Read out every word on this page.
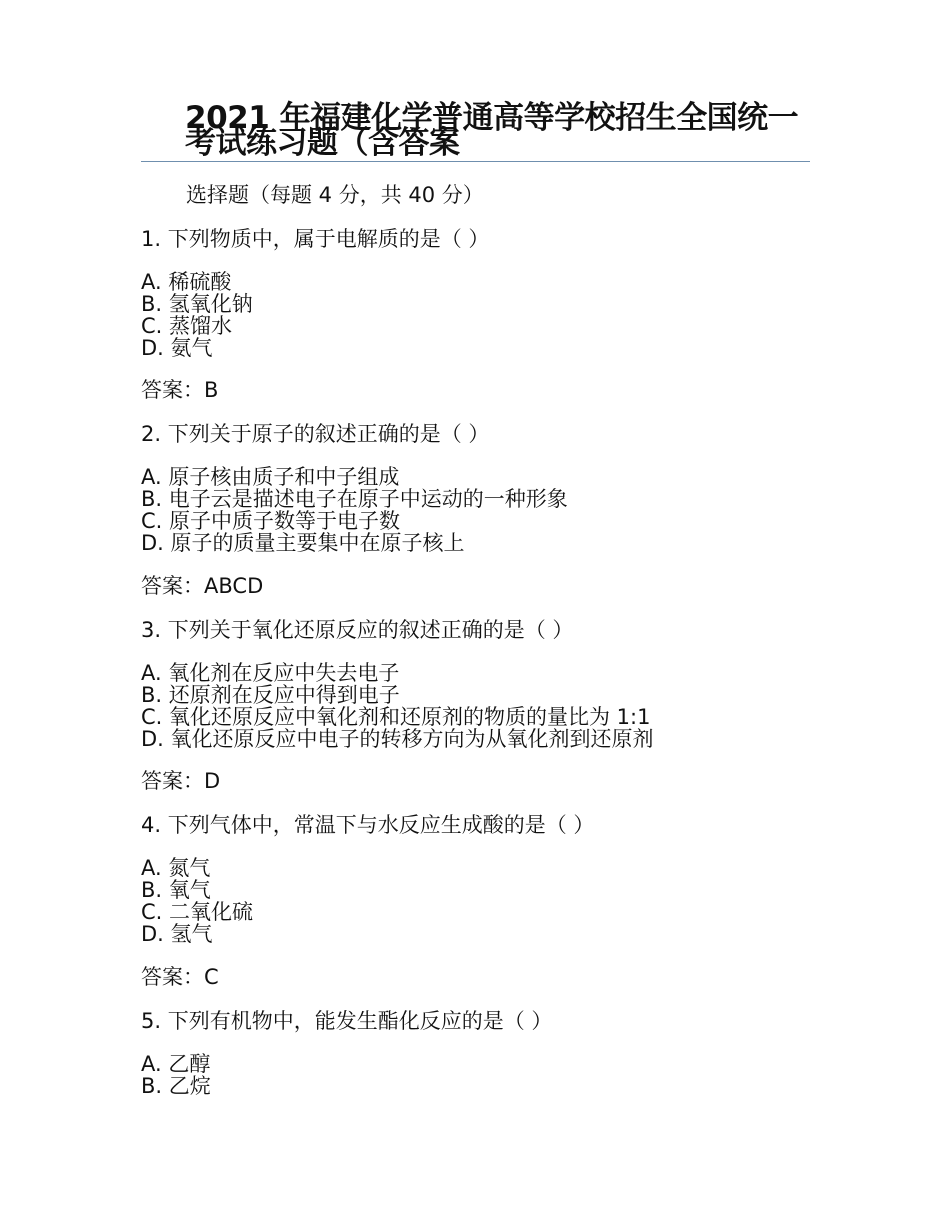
2021 年福建化学普通高等学校招生全国统一考试练习题（含答案
选择题（每题 4 分，共 40 分）
1. 下列物质中，属于电解质的是（ ）
A. 稀硫酸
B. 氢氧化钠
C. 蒸馏水
D. 氨气
答案：B
2. 下列关于原子的叙述正确的是（ ）
A. 原子核由质子和中子组成
B. 电子云是描述电子在原子中运动的一种形象
C. 原子中质子数等于电子数
D. 原子的质量主要集中在原子核上
答案：ABCD
3. 下列关于氧化还原反应的叙述正确的是（ ）
A. 氧化剂在反应中失去电子
B. 还原剂在反应中得到电子
C. 氧化还原反应中氧化剂和还原剂的物质的量比为 1:1
D. 氧化还原反应中电子的转移方向为从氧化剂到还原剂
答案：D
4. 下列气体中，常温下与水反应生成酸的是（ ）
A. 氮气
B. 氧气
C. 二氧化硫
D. 氢气
答案：C
5. 下列有机物中，能发生酯化反应的是（ ）
A. 乙醇
B. 乙烷
